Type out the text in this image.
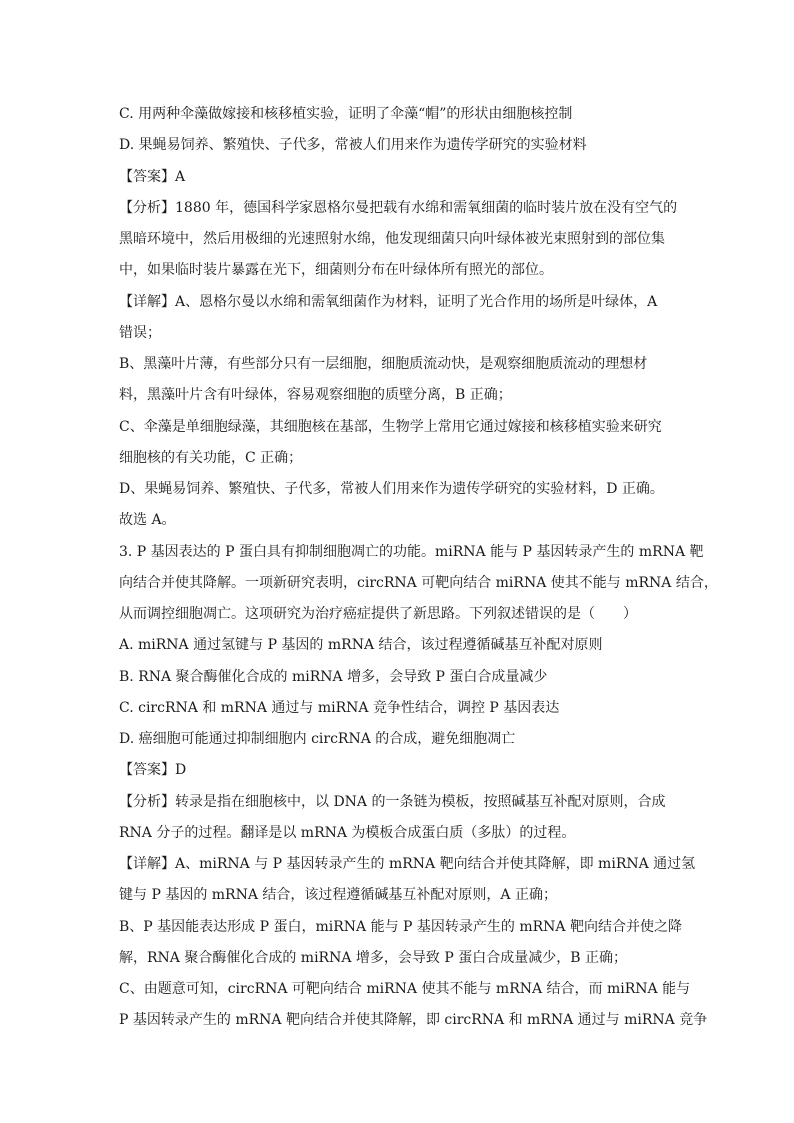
C. 用两种伞藻做嫁接和核移植实验，证明了伞藻“帽”的形状由细胞核控制
D. 果蝇易饲养、繁殖快、子代多，常被人们用来作为遗传学研究的实验材料
【答案】A
【分析】1880 年，德国科学家恩格尔曼把载有水绵和需氧细菌的临时装片放在没有空气的
黑暗环境中，然后用极细的光速照射水绵，他发现细菌只向叶绿体被光束照射到的部位集
中，如果临时装片暴露在光下，细菌则分布在叶绿体所有照光的部位。
【详解】A、恩格尔曼以水绵和需氧细菌作为材料，证明了光合作用的场所是叶绿体，A
错误；
B、黑藻叶片薄，有些部分只有一层细胞，细胞质流动快，是观察细胞质流动的理想材
料，黑藻叶片含有叶绿体，容易观察细胞的质壁分离，B 正确；
C、伞藻是单细胞绿藻，其细胞核在基部，生物学上常用它通过嫁接和核移植实验来研究
细胞核的有关功能，C 正确；
D、果蝇易饲养、繁殖快、子代多，常被人们用来作为遗传学研究的实验材料，D 正确。
故选 A。
3. P 基因表达的 P 蛋白具有抑制细胞凋亡的功能。miRNA 能与 P 基因转录产生的 mRNA 靶
向结合并使其降解。一项新研究表明，circRNA 可靶向结合 miRNA 使其不能与 mRNA 结合，
从而调控细胞凋亡。这项研究为治疗癌症提供了新思路。下列叙述错误的是（　　）
A. miRNA 通过氢键与 P 基因的 mRNA 结合，该过程遵循碱基互补配对原则
B. RNA 聚合酶催化合成的 miRNA 增多，会导致 P 蛋白合成量减少
C. circRNA 和 mRNA 通过与 miRNA 竞争性结合，调控 P 基因表达
D. 癌细胞可能通过抑制细胞内 circRNA 的合成，避免细胞凋亡
【答案】D
【分析】转录是指在细胞核中，以 DNA 的一条链为模板，按照碱基互补配对原则，合成
RNA 分子的过程。翻译是以 mRNA 为模板合成蛋白质（多肽）的过程。
【详解】A、miRNA 与 P 基因转录产生的 mRNA 靶向结合并使其降解，即 miRNA 通过氢
键与 P 基因的 mRNA 结合，该过程遵循碱基互补配对原则，A 正确；
B、P 基因能表达形成 P 蛋白，miRNA 能与 P 基因转录产生的 mRNA 靶向结合并使之降
解，RNA 聚合酶催化合成的 miRNA 增多，会导致 P 蛋白合成量减少，B 正确；
C、由题意可知，circRNA 可靶向结合 miRNA 使其不能与 mRNA 结合，而 miRNA 能与
P 基因转录产生的 mRNA 靶向结合并使其降解，即 circRNA 和 mRNA 通过与 miRNA 竞争
